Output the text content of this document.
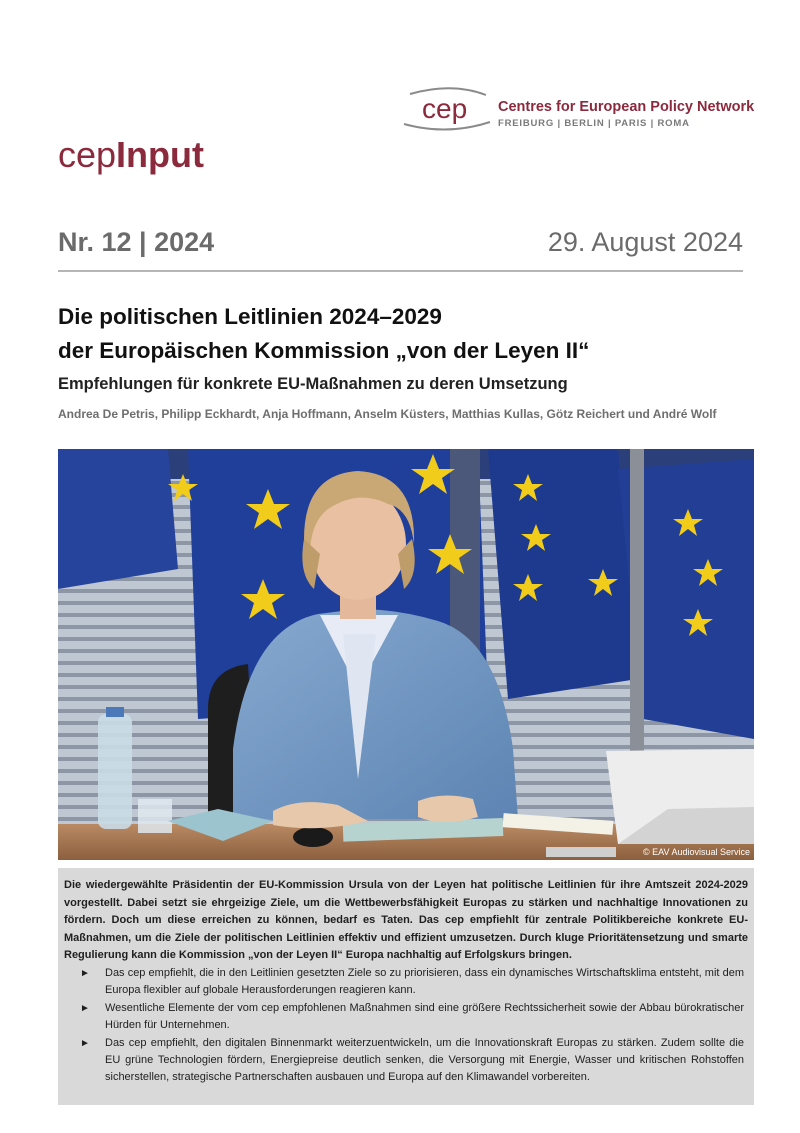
cep Centres for European Policy Network
FREIBURG | BERLIN | PARIS | ROMA
cepInput
Nr. 12 | 2024	29. August 2024
Die politischen Leitlinien 2024–2029
der Europäischen Kommission „von der Leyen II“
Empfehlungen für konkrete EU-Maßnahmen zu deren Umsetzung
Andrea De Petris, Philipp Eckhardt, Anja Hoffmann, Anselm Küsters, Matthias Kullas, Götz Reichert und André Wolf
© EAV Audiovisual Service
Die wiedergewählte Präsidentin der EU-Kommission Ursula von der Leyen hat politische Leitlinien für ihre Amtszeit 2024-2029 vorgestellt. Dabei setzt sie ehrgeizige Ziele, um die Wettbewerbsfähigkeit Europas zu stärken und nachhaltige Innovationen zu fördern. Doch um diese erreichen zu können, bedarf es Taten. Das cep empfiehlt für zentrale Politikbereiche konkrete EU-Maßnahmen, um die Ziele der politischen Leitlinien effektiv und effizient umzusetzen. Durch kluge Prioritätensetzung und smarte Regulierung kann die Kommission „von der Leyen II“ Europa nachhaltig auf Erfolgskurs bringen.
► Das cep empfiehlt, die in den Leitlinien gesetzten Ziele so zu priorisieren, dass ein dynamisches Wirtschaftsklima entsteht, mit dem Europa flexibler auf globale Herausforderungen reagieren kann.
► Wesentliche Elemente der vom cep empfohlenen Maßnahmen sind eine größere Rechtssicherheit sowie der Abbau bürokratischer Hürden für Unternehmen.
► Das cep empfiehlt, den digitalen Binnenmarkt weiterzuentwickeln, um die Innovationskraft Europas zu stärken. Zudem sollte die EU grüne Technologien fördern, Energiepreise deutlich senken, die Versorgung mit Energie, Wasser und kritischen Rohstoffen sicherstellen, strategische Partnerschaften ausbauen und Europa auf den Klimawandel vorbereiten.
